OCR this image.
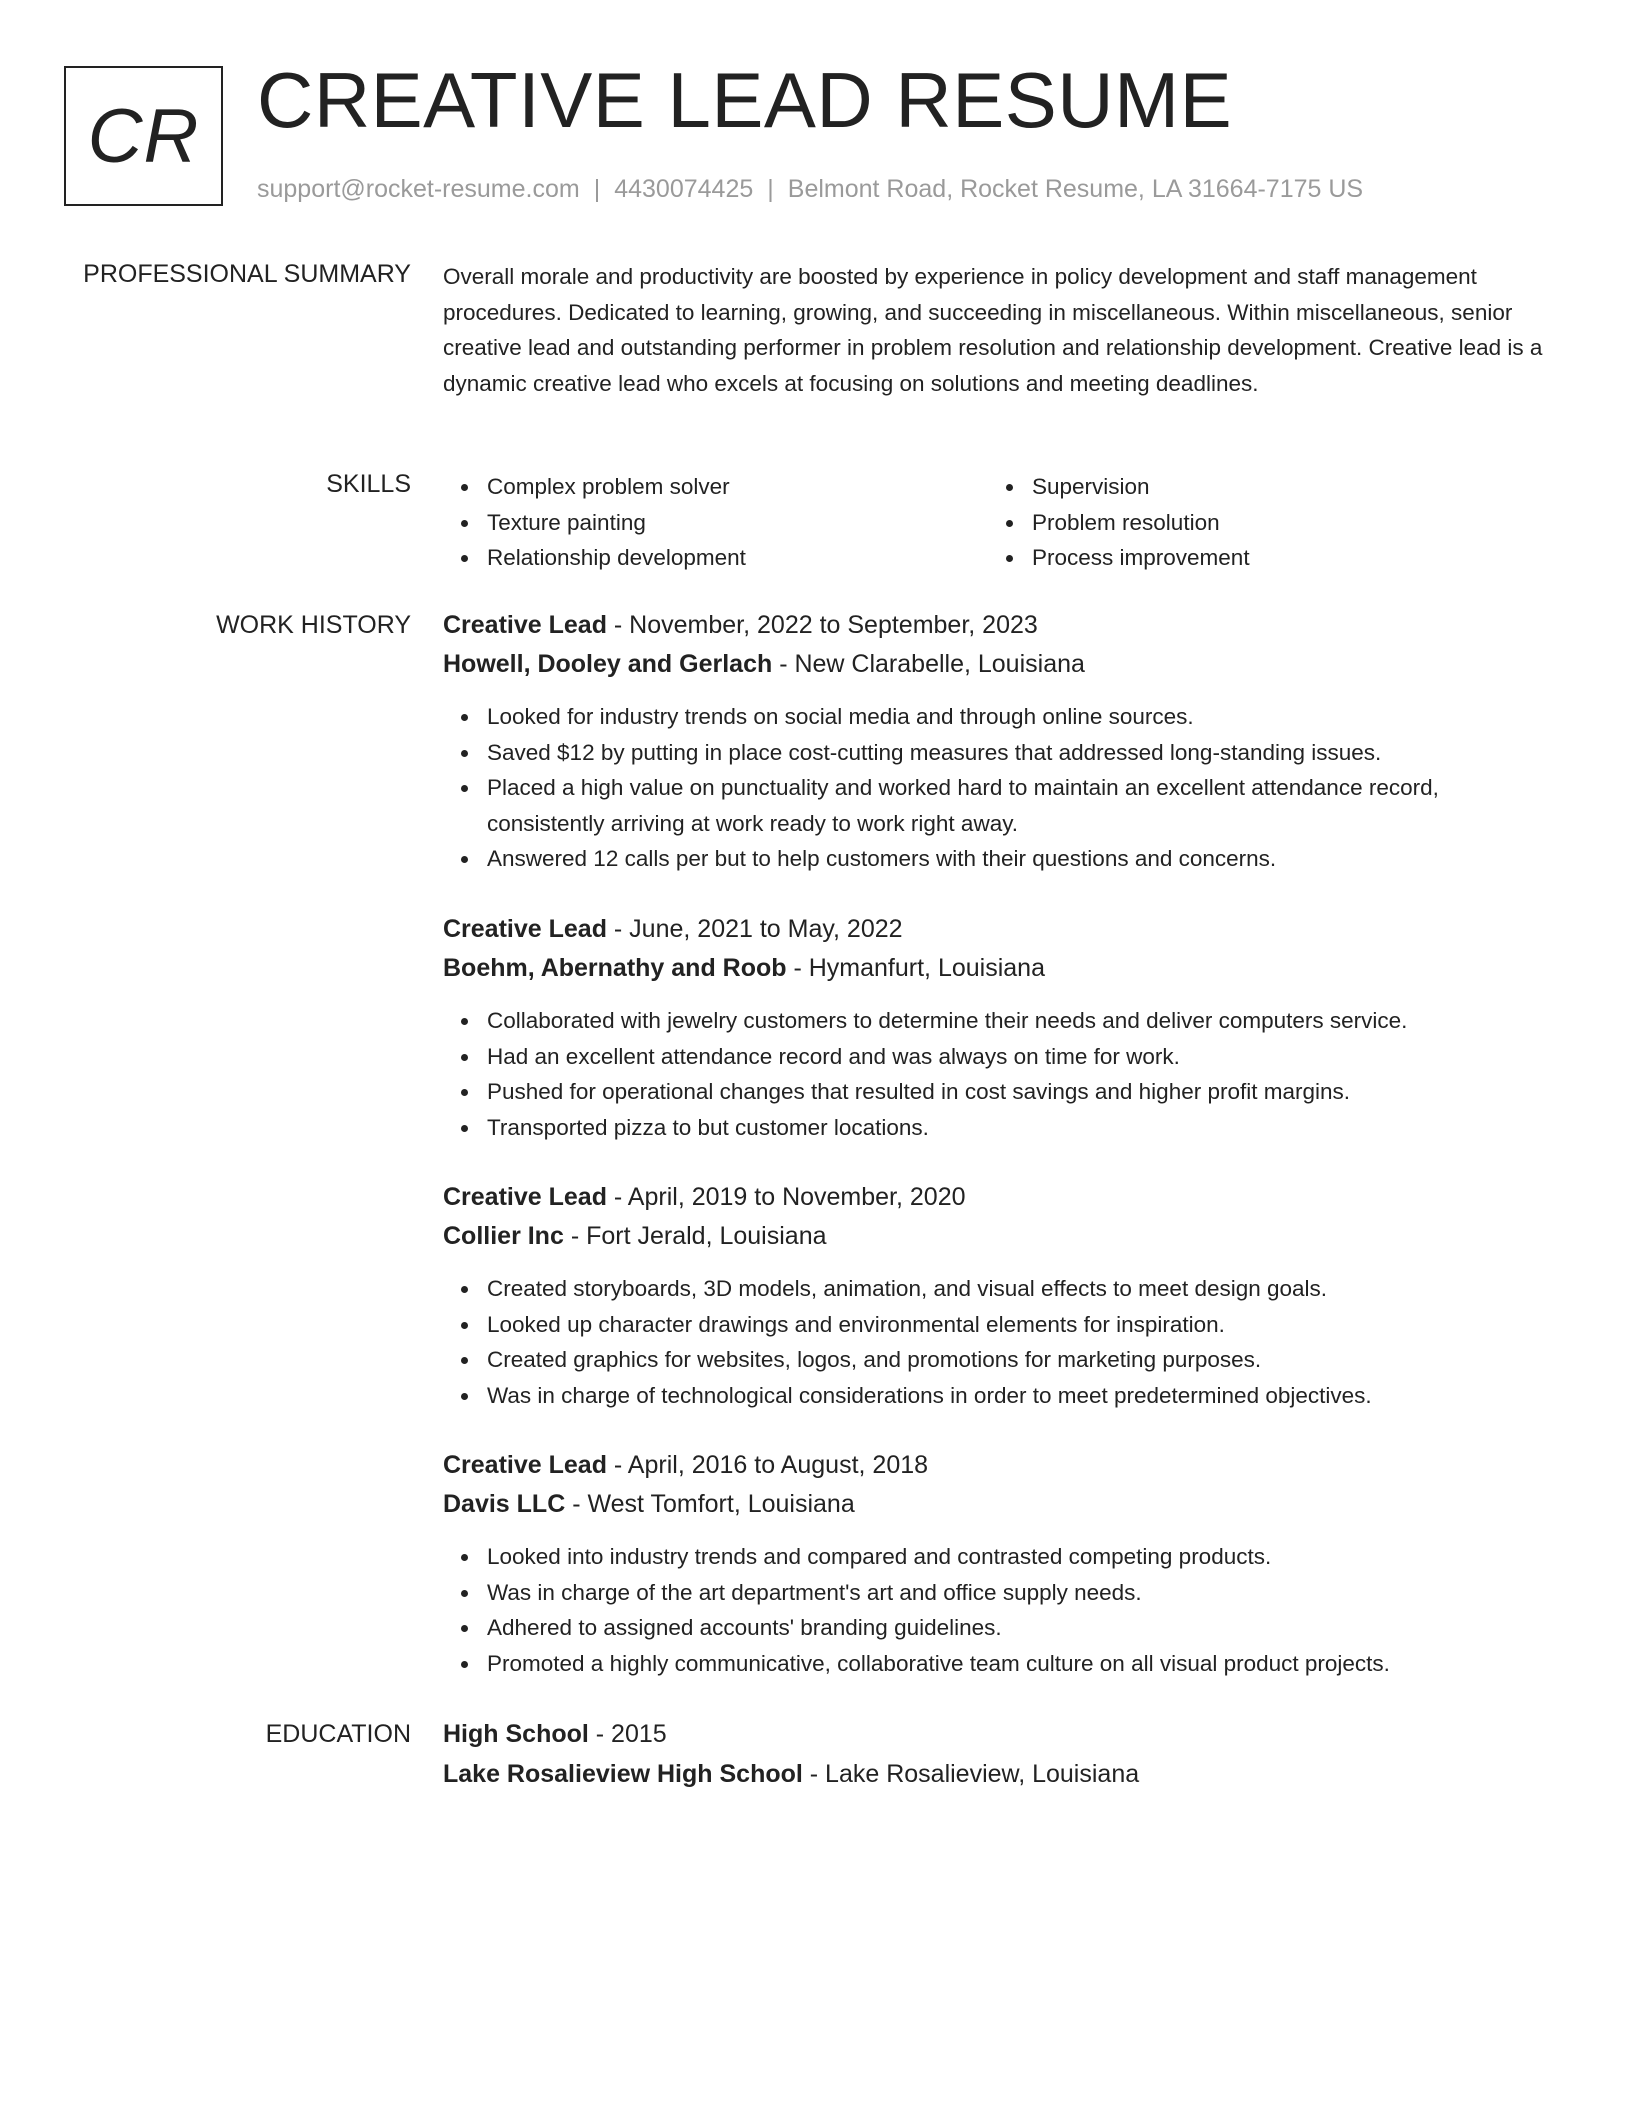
CR CREATIVE LEAD RESUME
support@rocket-resume.com | 4430074425 | Belmont Road, Rocket Resume, LA 31664-7175 US
PROFESSIONAL SUMMARY Overall morale and productivity are boosted by experience in policy development and staff management procedures. Dedicated to learning, growing, and succeeding in miscellaneous. Within miscellaneous, senior creative lead and outstanding performer in problem resolution and relationship development. Creative lead is a dynamic creative lead who excels at focusing on solutions and meeting deadlines.

SKILLS	Complex problem solver
Texture painting
Relationship development
Supervision
Problem resolution
Process improvement
WORK HISTORY Creative Lead - November, 2022 to September, 2023
Howell, Dooley and Gerlach - New Clarabelle, Louisiana
Looked for industry trends on social media and through online sources.
Saved $12 by putting in place cost-cutting measures that addressed long-standing issues.
Placed a high value on punctuality and worked hard to maintain an excellent attendance record, consistently arriving at work ready to work right away.
Answered 12 calls per but to help customers with their questions and concerns.
Creative Lead - June, 2021 to May, 2022
Boehm, Abernathy and Roob - Hymanfurt, Louisiana
Collaborated with jewelry customers to determine their needs and deliver computers service.
Had an excellent attendance record and was always on time for work.
Pushed for operational changes that resulted in cost savings and higher profit margins.
Transported pizza to but customer locations.
Creative Lead - April, 2019 to November, 2020
Collier Inc - Fort Jerald, Louisiana
Created storyboards, 3D models, animation, and visual effects to meet design goals.
Looked up character drawings and environmental elements for inspiration.
Created graphics for websites, logos, and promotions for marketing purposes.
Was in charge of technological considerations in order to meet predetermined objectives.
Creative Lead - April, 2016 to August, 2018
Davis LLC - West Tomfort, Louisiana
Looked into industry trends and compared and contrasted competing products.
Was in charge of the art department's art and office supply needs.
Adhered to assigned accounts' branding guidelines.
Promoted a highly communicative, collaborative team culture on all visual product projects.
EDUCATION High School - 2015
Lake Rosalieview High School - Lake Rosalieview, Louisiana
